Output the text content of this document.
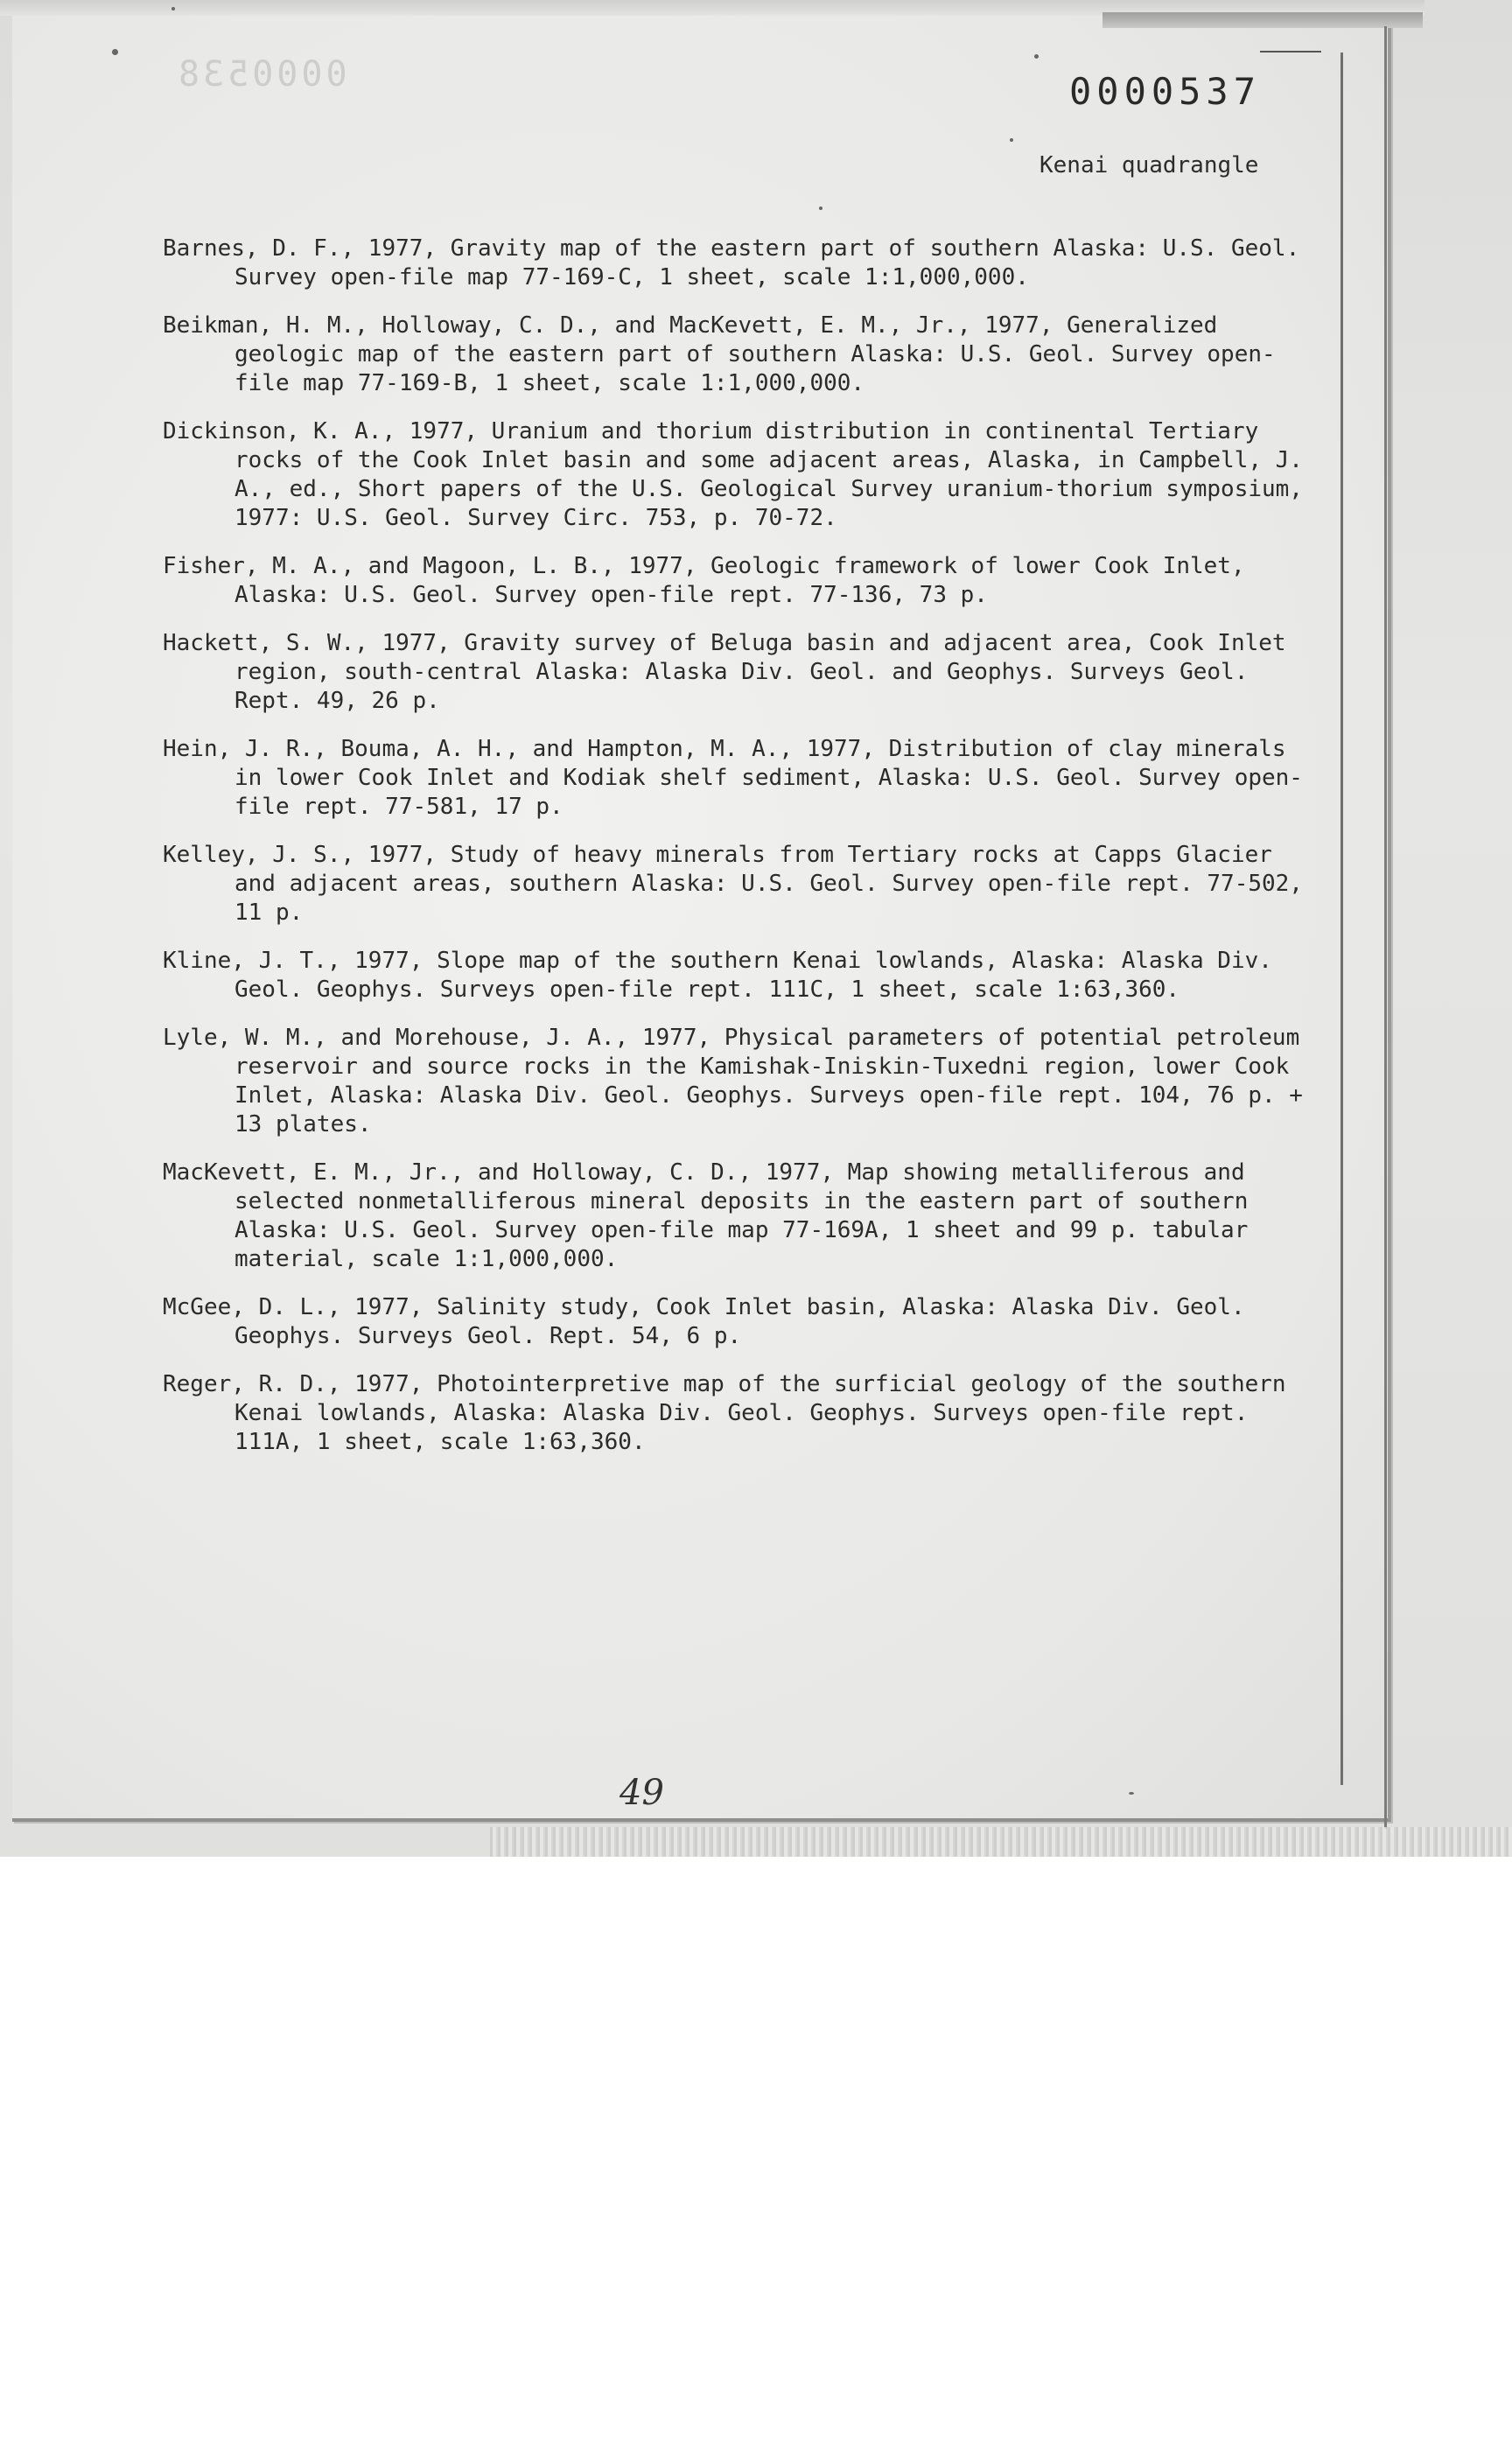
0000538	0000537
Kenai quadrangle

Barnes, D. F., 1977, Gravity map of the eastern part of southern Alaska: U.S. Geol. Survey open-file map 77-169-C, 1 sheet, scale 1:1,000,000.

Beikman, H. M., Holloway, C. D., and MacKevett, E. M., Jr., 1977, Generalized geologic map of the eastern part of southern Alaska: U.S. Geol. Survey open-file map 77-169-B, 1 sheet, scale 1:1,000,000.

Dickinson, K. A., 1977, Uranium and thorium distribution in continental Tertiary rocks of the Cook Inlet basin and some adjacent areas, Alaska, in Campbell, J. A., ed., Short papers of the U.S. Geological Survey uranium-thorium symposium, 1977: U.S. Geol. Survey Circ. 753, p. 70-72.

Fisher, M. A., and Magoon, L. B., 1977, Geologic framework of lower Cook Inlet, Alaska: U.S. Geol. Survey open-file rept. 77-136, 73 p.

Hackett, S. W., 1977, Gravity survey of Beluga basin and adjacent area, Cook Inlet region, south-central Alaska: Alaska Div. Geol. and Geophys. Surveys Geol. Rept. 49, 26 p.

Hein, J. R., Bouma, A. H., and Hampton, M. A., 1977, Distribution of clay minerals in lower Cook Inlet and Kodiak shelf sediment, Alaska: U.S. Geol. Survey open-file rept. 77-581, 17 p.

Kelley, J. S., 1977, Study of heavy minerals from Tertiary rocks at Capps Glacier and adjacent areas, southern Alaska: U.S. Geol. Survey open-file rept. 77-502, 11 p.

Kline, J. T., 1977, Slope map of the southern Kenai lowlands, Alaska: Alaska Div. Geol. Geophys. Surveys open-file rept. 111C, 1 sheet, scale 1:63,360.

Lyle, W. M., and Morehouse, J. A., 1977, Physical parameters of potential petroleum reservoir and source rocks in the Kamishak-Iniskin-Tuxedni region, lower Cook Inlet, Alaska: Alaska Div. Geol. Geophys. Surveys open-file rept. 104, 76 p. + 13 plates.

MacKevett, E. M., Jr., and Holloway, C. D., 1977, Map showing metalliferous and selected nonmetalliferous mineral deposits in the eastern part of southern Alaska: U.S. Geol. Survey open-file map 77-169A, 1 sheet and 99 p. tabular material, scale 1:1,000,000.

McGee, D. L., 1977, Salinity study, Cook Inlet basin, Alaska: Alaska Div. Geol. Geophys. Surveys Geol. Rept. 54, 6 p.

Reger, R. D., 1977, Photointerpretive map of the surficial geology of the southern Kenai lowlands, Alaska: Alaska Div. Geol. Geophys. Surveys open-file rept. 111A, 1 sheet, scale 1:63,360.

49
